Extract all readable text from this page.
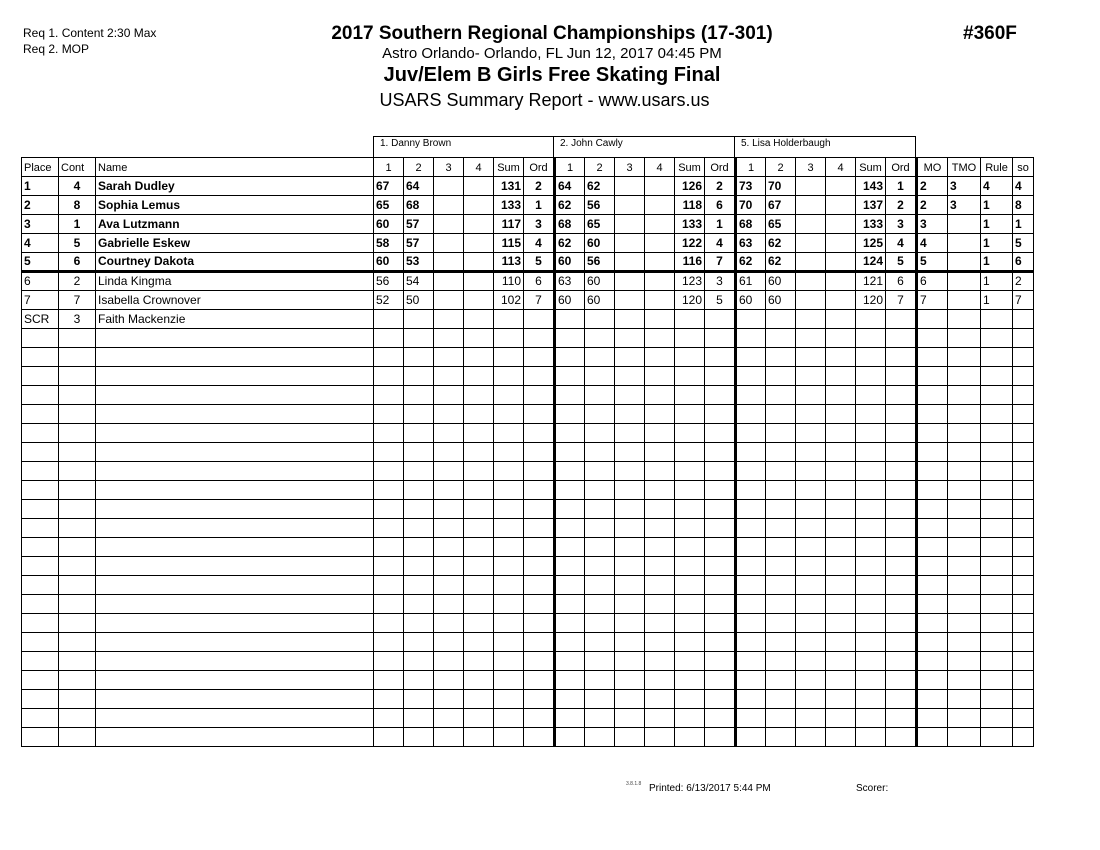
Req 1. Content 2:30 Max
Req 2. MOP
2017 Southern Regional Championships (17-301)	#360F
Astro Orlando- Orlando, FL Jun 12, 2017 04:45 PM
Juv/Elem B Girls Free Skating Final
USARS Summary Report - www.usars.us
1. Danny Brown	2. John Cawly	5. Lisa Holderbaugh
Place	Cont	Name	1	2	3	4	Sum	Ord	1	2	3	4	Sum	Ord	1	2	3	4	Sum	Ord	MO	TMO	Rule	so
1	4	Sarah Dudley	67	64			131	2	64	62			126	2	73	70			143	1	2	3	4	4
2	8	Sophia Lemus	65	68			133	1	62	56			118	6	70	67			137	2	2	3	1	8
3	1	Ava Lutzmann	60	57			117	3	68	65			133	1	68	65			133	3	3		1	1
4	5	Gabrielle Eskew	58	57			115	4	62	60			122	4	63	62			125	4	4		1	5
5	6	Courtney Dakota	60	53			113	5	60	56			116	7	62	62			124	5	5		1	6
6	2	Linda Kingma	56	54			110	6	63	60			123	3	61	60			121	6	6		1	2
7	7	Isabella Crownover	52	50			102	7	60	60			120	5	60	60			120	7	7		1	7
SCR	3	Faith Mackenzie																						

3.8.1.8 Printed: 6/13/2017 5:44 PM	Scorer:
